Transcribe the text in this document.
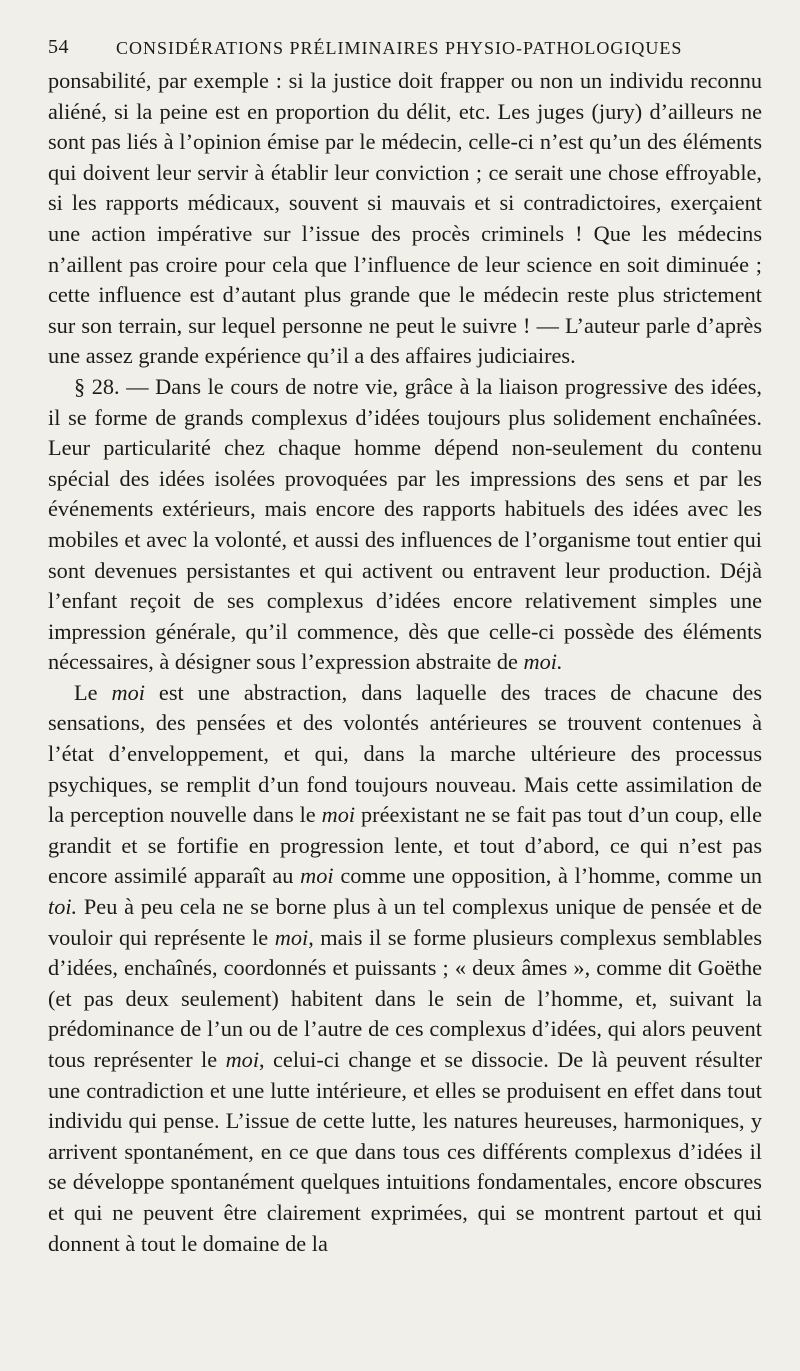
54	CONSIDÉRATIONS PRÉLIMINAIRES PHYSIO-PATHOLOGIQUES

ponsabilité, par exemple : si la justice doit frapper ou non un individu reconnu aliéné, si la peine est en proportion du délit, etc. Les juges (jury) d’ailleurs ne sont pas liés à l’opinion émise par le médecin, celle-ci n’est qu’un des éléments qui doivent leur servir à établir leur conviction ; ce serait une chose effroyable, si les rapports médicaux, souvent si mauvais et si contradictoires, exerçaient une action impérative sur l’issue des procès criminels ! Que les médecins n’aillent pas croire pour cela que l’influence de leur science en soit diminuée ; cette influence est d’autant plus grande que le médecin reste plus strictement sur son terrain, sur lequel personne ne peut le suivre ! — L’auteur parle d’après une assez grande expérience qu’il a des affaires judiciaires.

§ 28. — Dans le cours de notre vie, grâce à la liaison progressive des idées, il se forme de grands complexus d’idées toujours plus solidement enchaînées. Leur particularité chez chaque homme dépend non-seulement du contenu spécial des idées isolées provoquées par les impressions des sens et par les événements extérieurs, mais encore des rapports habituels des idées avec les mobiles et avec la volonté, et aussi des influences de l’organisme tout entier qui sont devenues persistantes et qui activent ou entravent leur production. Déjà l’enfant reçoit de ses complexus d’idées encore relativement simples une impression générale, qu’il commence, dès que celle-ci possède des éléments nécessaires, à désigner sous l’expression abstraite de moi.

Le moi est une abstraction, dans laquelle des traces de chacune des sensations, des pensées et des volontés antérieures se trouvent contenues à l’état d’enveloppement, et qui, dans la marche ultérieure des processus psychiques, se remplit d’un fond toujours nouveau. Mais cette assimilation de la perception nouvelle dans le moi préexistant ne se fait pas tout d’un coup, elle grandit et se fortifie en progression lente, et tout d’abord, ce qui n’est pas encore assimilé apparaît au moi comme une opposition, à l’homme, comme un toi. Peu à peu cela ne se borne plus à un tel complexus unique de pensée et de vouloir qui représente le moi, mais il se forme plusieurs complexus semblables d’idées, enchaînés, coordonnés et puissants ; « deux âmes », comme dit Goëthe (et pas deux seulement) habitent dans le sein de l’homme, et, suivant la prédominance de l’un ou de l’autre de ces complexus d’idées, qui alors peuvent tous représenter le moi, celui-ci change et se dissocie. De là peuvent résulter une contradiction et une lutte intérieure, et elles se produisent en effet dans tout individu qui pense. L’issue de cette lutte, les natures heureuses, harmoniques, y arrivent spontanément, en ce que dans tous ces différents complexus d’idées il se développe spontanément quelques intuitions fondamentales, encore obscures et qui ne peuvent être clairement exprimées, qui se montrent partout et qui donnent à tout le domaine de la
